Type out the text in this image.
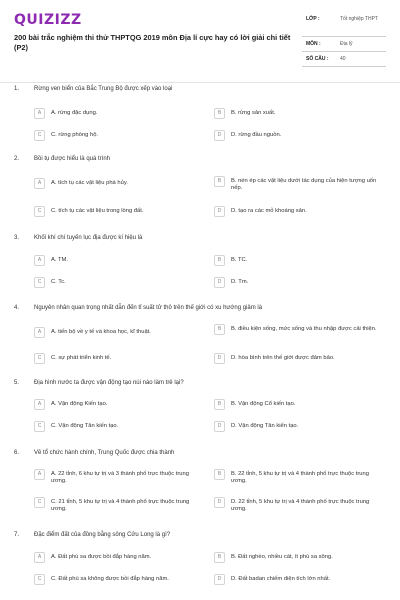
QUIZIZZ
200 bài trắc nghiệm thi thử THPTQG 2019 môn Địa lí cực hay có lời giải chi tiết (P2)
LỚP :	Tốt nghiệp THPT
MÔN :	Địa lý
SỐ CÂU : 40
1. Rừng ven biển của Bắc Trung Bộ được xếp vào loại
A	A. rừng đặc dụng.	B	B. rừng sản xuất.
C	C. rừng phòng hộ.	D	D. rừng đầu nguồn.
2. Bồi tụ được hiểu là quá trình
A	A. tích tụ các vật liệu phá hủy.	B	B. nén ép các vật liệu dưới tác dụng của hiện tượng uốn nếp.
C	C. tích tụ các vật liệu trong lòng đất.	D	D. tạo ra các mỏ khoáng sản.
3. Khối khí chí tuyến lục địa được kí hiệu là
A	A. TM.	B	B. TC.
C	C. Tc.	D	D. Tm.
4. Nguyên nhân quan trọng nhất dẫn đến tỉ suất tử thô trên thế giới có xu hướng giảm là
A	A. tiến bộ về y tế và khoa học, kĩ thuật.	B	B. điều kiện sống, mức sống và thu nhập được cải thiện.
C	C. sự phát triển kinh tế.	D	D. hòa bình trên thế giới được đảm bảo.
5. Địa hình nước ta được vận động tạo núi nào làm trẻ lại?
A	A. Vận động Kiến tạo.	B	B. Vận động Cổ kiến tạo.
C	C. Vận động Tân kiến tạo.	D	D. Vận động Tân kiến tạo.
6. Về tổ chức hành chính, Trung Quốc được chia thành
A	A. 22 tỉnh, 6 khu tự trị và 3 thành phố trực thuộc trung ương.
B	B. 22 tỉnh, 5 khu tự trị và 4 thành phố trực thuộc trung ương.
C	C. 21 tỉnh, 5 khu tự trị và 4 thành phố trực thuộc trung ương.
D	D. 22 tỉnh, 5 khu tự trị và 4 thành phố trực thuộc trung ương.
7. Đặc điểm đất của đồng bằng sông Cửu Long là gì?
A	A. Đất phù sa được bồi đắp hàng năm.	B	B. Đất nghèo, nhiều cát, ít phù sa sông.
C	C. Đất phù sa không được bồi đắp hàng năm.	D	D. Đất badan chiếm diện tích lớn nhất.
